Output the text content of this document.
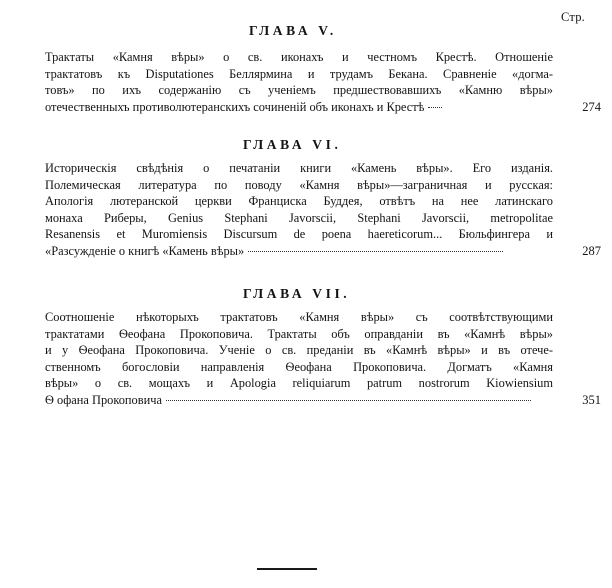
Стр.
ГЛАВА V.
Трактаты «Камня вѣры» о св. иконахъ и честномъ Крестѣ. Отношеніе
трактатовъ къ Disputationes Беллярмина и трудамъ Бекана. Сравненіе «догма-
товъ» по ихъ содержанію съ ученіемъ предшествовавшихъ «Камню вѣры»
отечественныхъ противолютеранскихъ сочиненій объ иконахъ и Крестѣ	274
ГЛАВА VI.
Историческія свѣдѣнія о печатаніи книги «Камень вѣры». Его изданія.
Полемическая литература по поводу «Камня вѣры»—заграничная и русская:
Апологія лютеранской церкви Франциска Буддея, отвѣтъ на нее латинскаго
монаха Риберы, Genius Stephani Javorscii, Stephani Javorscii, metropolitae
Resanensis et Muromiensis Discursum de poena haereticorum... Бюльфингера и
«Разсужденіе о книгѣ «Камень вѣры»	287
ГЛАВА VII.
Соотношеніе нѣкоторыхъ трактатовъ «Камня вѣры» съ соотвѣтствующими
трактатами Ѳеофана Прокоповича. Трактаты объ оправданіи въ «Камнѣ вѣры»
и у Ѳеофана Прокоповича. Ученіе о св. преданіи въ «Камнѣ вѣры» и въ отече-
ственномъ богословіи направленія Ѳеофана Прокоповича. Догматъ «Камня
вѣры» о св. мощахъ и Apologia reliquiarum patrum nostrorum Kiowiensium
Ѳ офана Прокоповича	351
